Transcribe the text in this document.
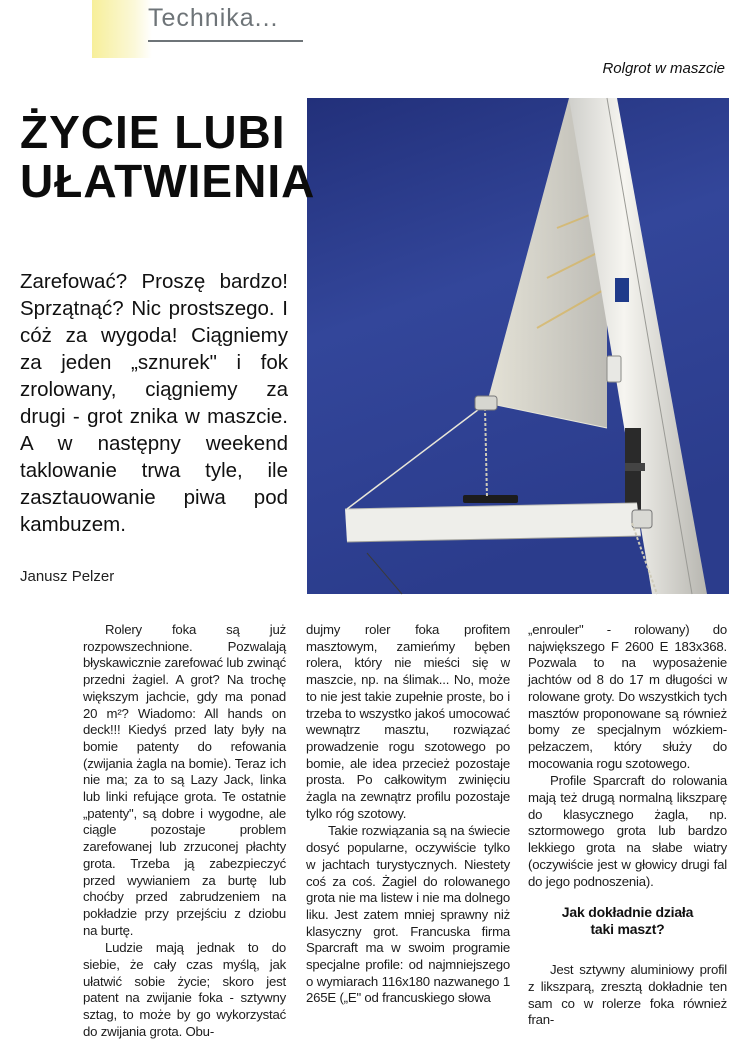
Technika...
Rolgrot w maszcie
ŻYCIE LUBI
UŁATWIENIA

Zarefować? Proszę bardzo! Sprzątnąć? Nic prostszego. I cóż za wygoda! Ciągniemy za jeden „sznurek" i fok zrolowany, ciągniemy za drugi - grot znika w maszcie. A w następny weekend taklowanie trwa tyle, ile zasztauowanie piwa pod kambuzem.

Janusz Pelzer

Rolery foka są już rozpowszechnione. Pozwalają błyskawicznie zarefować lub zwinąć przedni żagiel. A grot? Na trochę większym jachcie, gdy ma ponad 20 m²? Wiadomo: All hands on deck!!! Kiedyś przed laty były na bomie patenty do refowania (zwijania żagla na bomie). Teraz ich nie ma; za to są Lazy Jack, linka lub linki refujące grota. Te ostatnie „patenty", są dobre i wygodne, ale ciągle pozostaje problem zarefowanej lub zrzuconej płachty grota. Trzeba ją zabezpieczyć przed wywianiem za burtę lub choćby przed zabrudzeniem na pokładzie przy przejściu z dziobu na burtę.

Ludzie mają jednak to do siebie, że cały czas myślą, jak ułatwić sobie życie; skoro jest patent na zwijanie foka - sztywny sztag, to może by go wykorzystać do zwijania grota. Obu-

dujmy roler foka profitem masztowym, zamieńmy bęben rolera, który nie mieści się w maszcie, np. na ślimak... No, może to nie jest takie zupełnie proste, bo i trzeba to wszystko jakoś umocować wewnątrz masztu, rozwiązać prowadzenie rogu szotowego po bomie, ale idea przecież pozostaje prosta. Po całkowitym zwinięciu żagla na zewnątrz profilu pozostaje tylko róg szotowy.

Takie rozwiązania są na świecie dosyć popularne, oczywiście tylko w jachtach turystycznych. Niestety coś za coś. Żagiel do rolowanego grota nie ma listew i nie ma dolnego liku. Jest zatem mniej sprawny niż klasyczny grot. Francuska firma Sparcraft ma w swoim programie specjalne profile: od najmniejszego o wymiarach 116x180 nazwanego 1 265E („E" od francuskiego słowa

„enrouler" - rolowany) do największego F 2600 E 183x368. Pozwala to na wyposażenie jachtów od 8 do 17 m długości w rolowane groty. Do wszystkich tych masztów proponowane są również bomy ze specjalnym wózkiem-pełzaczem, który służy do mocowania rogu szotowego.

Profile Sparcraft do rolowania mają też drugą normalną likszparę do klasycznego żagla, np. sztormowego grota lub bardzo lekkiego grota na słabe wiatry (oczywiście jest w głowicy drugi fal do jego podnoszenia).

Jak dokładnie działa
taki maszt?

Jest sztywny aluminiowy profil z likszparą, zresztą dokładnie ten sam co w rolerze foka również fran-
